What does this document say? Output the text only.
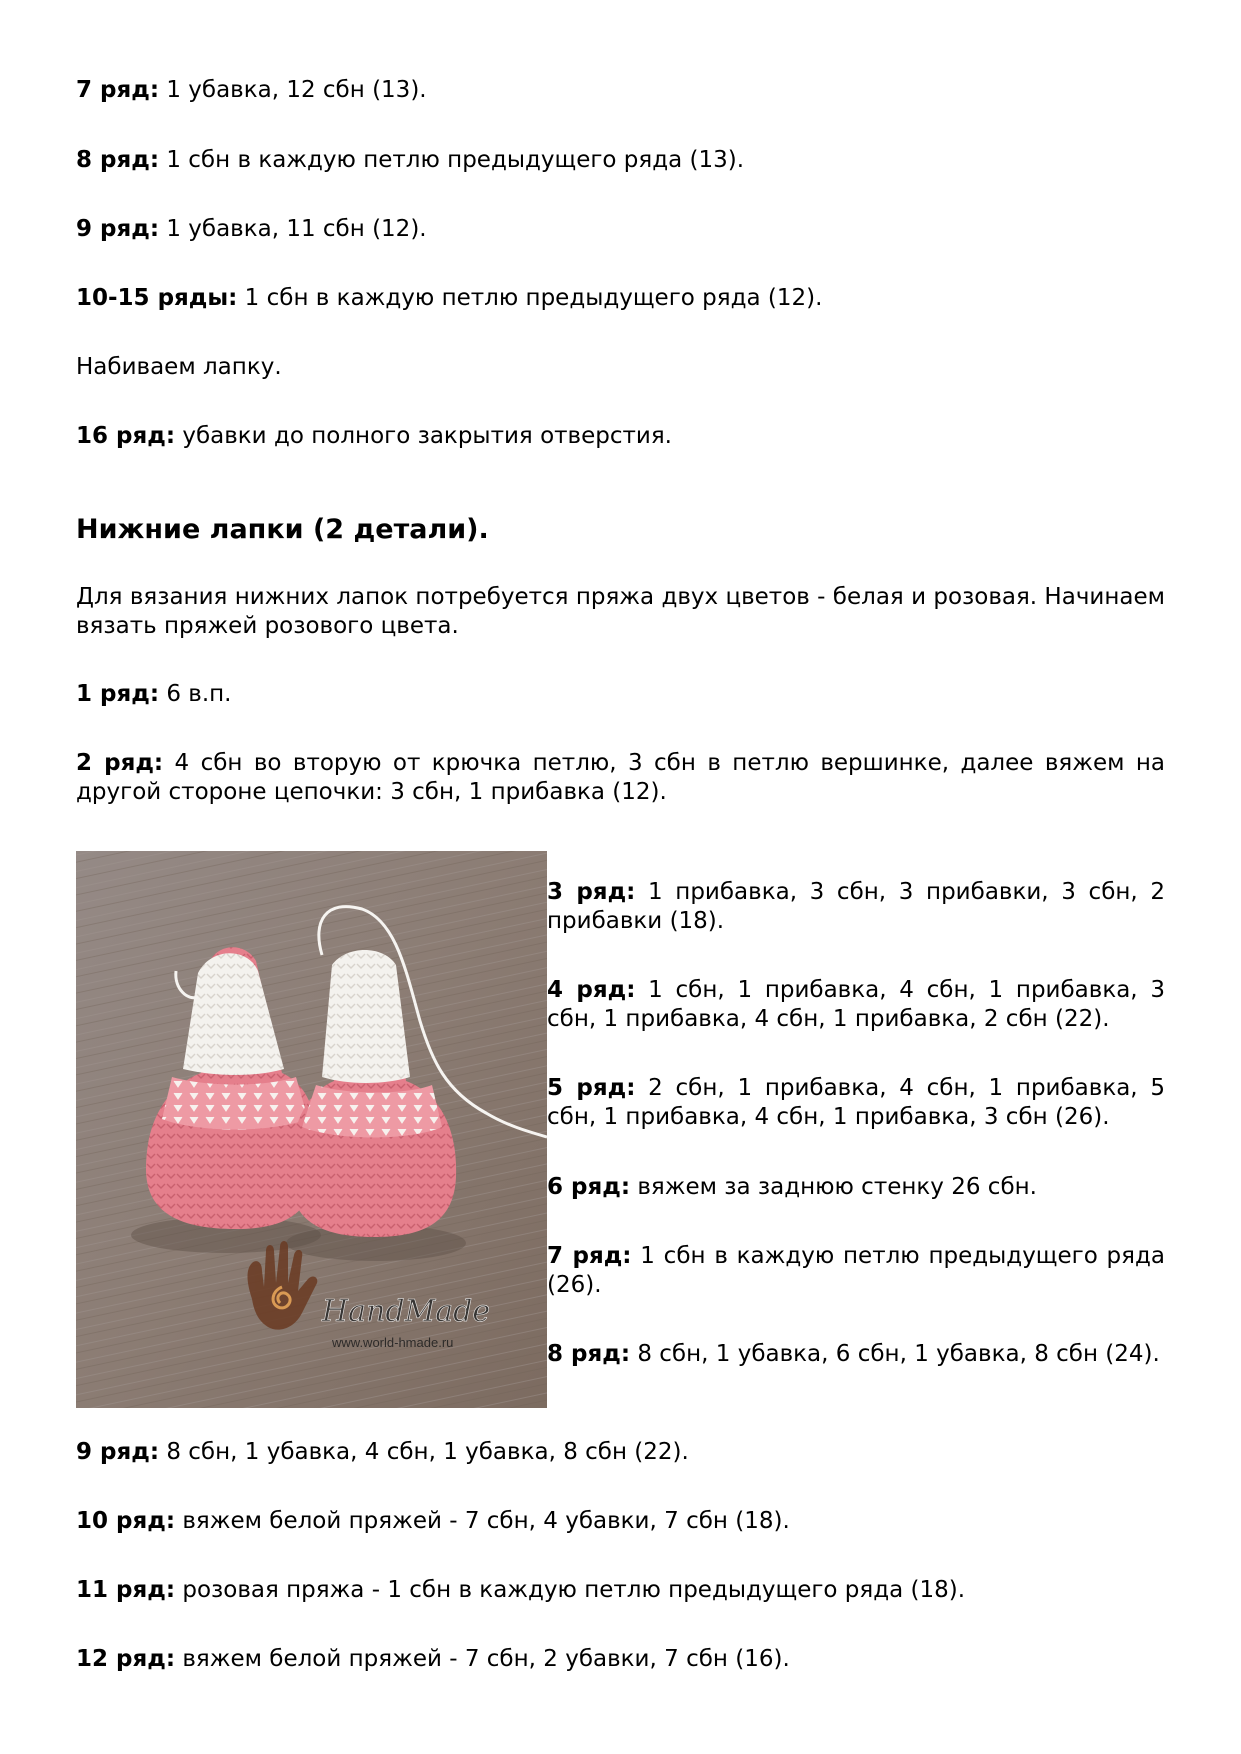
7 ряд: 1 убавка, 12 сбн (13).

8 ряд: 1 сбн в каждую петлю предыдущего ряда (13).

9 ряд: 1 убавка, 11 сбн (12).

10-15 ряды: 1 сбн в каждую петлю предыдущего ряда (12).

Набиваем лапку.

16 ряд: убавки до полного закрытия отверстия.

Нижние лапки (2 детали).

Для вязания нижних лапок потребуется пряжа двух цветов - белая и розовая. Начинаем вязать пряжей розового цвета.

1 ряд: 6 в.п.

2 ряд: 4 сбн во вторую от крючка петлю, 3 сбн в петлю вершинке, далее вяжем на другой стороне цепочки: 3 сбн, 1 прибавка (12).

HandMade
www.world-hmade.ru

3 ряд: 1 прибавка, 3 сбн, 3 прибавки, 3 сбн, 2 прибавки (18).

4 ряд: 1 сбн, 1 прибавка, 4 сбн, 1 прибавка, 3 сбн, 1 прибавка, 4 сбн, 1 прибавка, 2 сбн (22).

5 ряд: 2 сбн, 1 прибавка, 4 сбн, 1 прибавка, 5 сбн, 1 прибавка, 4 сбн, 1 прибавка, 3 сбн (26).

6 ряд: вяжем за заднюю стенку 26 сбн.

7 ряд: 1 сбн в каждую петлю предыдущего ряда (26).

8 ряд: 8 сбн, 1 убавка, 6 сбн, 1 убавка, 8 сбн (24).

9 ряд: 8 сбн, 1 убавка, 4 сбн, 1 убавка, 8 сбн (22).

10 ряд: вяжем белой пряжей - 7 сбн, 4 убавки, 7 сбн (18).

11 ряд: розовая пряжа - 1 сбн в каждую петлю предыдущего ряда (18).

12 ряд: вяжем белой пряжей - 7 сбн, 2 убавки, 7 сбн (16).
